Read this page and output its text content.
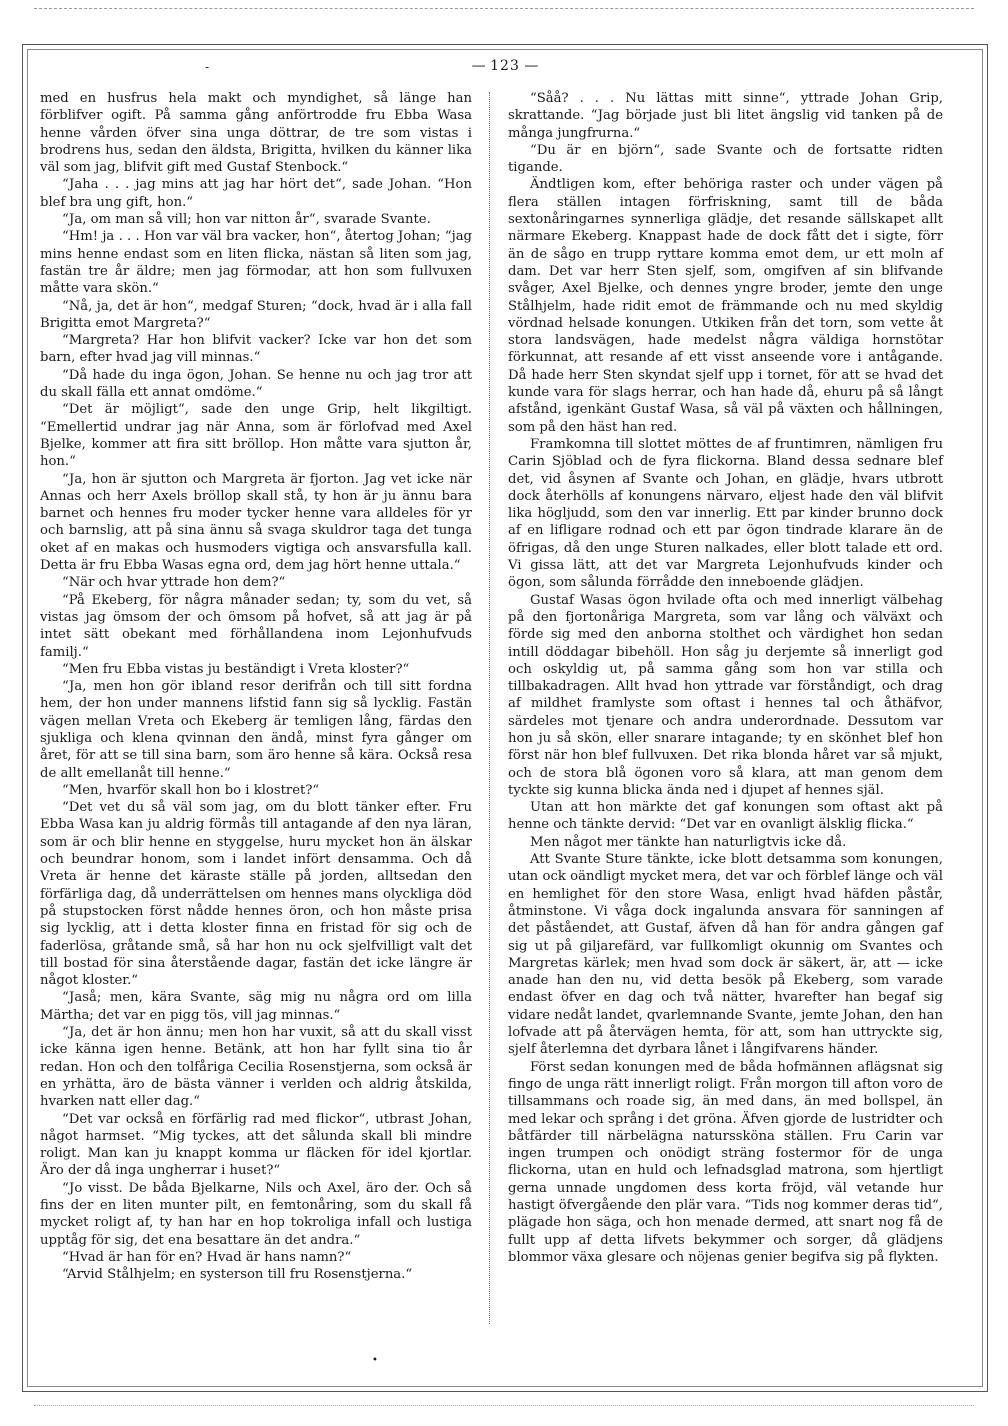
-	— 123 —

med en husfrus hela makt och myndighet, så länge han förblifver ogift. På samma gång anförtrodde fru Ebba Wasa henne vården öfver sina unga döttrar, de tre som vistas i brodrens hus, sedan den äldsta, Brigitta, hvilken du känner lika väl som jag, blifvit gift med Gustaf Stenbock.“

“Jaha . . . jag mins att jag har hört det“, sade Johan. “Hon blef bra ung gift, hon.“

“Ja, om man så vill; hon var nitton år“, svarade Svante.

“Hm! ja . . . Hon var väl bra vacker, hon“, återtog Johan; “jag mins henne endast som en liten flicka, nästan så liten som jag, fastän tre år äldre; men jag förmodar, att hon som fullvuxen måtte vara skön.“

“Nå, ja, det är hon“, medgaf Sturen; “dock, hvad är i alla fall Brigitta emot Margreta?“

“Margreta? Har hon blifvit vacker? Icke var hon det som barn, efter hvad jag vill minnas.“

“Då hade du inga ögon, Johan. Se henne nu och jag tror att du skall fälla ett annat omdöme.“

“Det är möjligt“, sade den unge Grip, helt likgiltigt. “Emellertid undrar jag när Anna, som är förlofvad med Axel Bjelke, kommer att fira sitt bröllop. Hon måtte vara sjutton år, hon.“

“Ja, hon är sjutton och Margreta är fjorton. Jag vet icke när Annas och herr Axels bröllop skall stå, ty hon är ju ännu bara barnet och hennes fru moder tycker henne vara alldeles för yr och barnslig, att på sina ännu så svaga skuldror taga det tunga oket af en makas och husmoders vigtiga och ansvarsfulla kall. Detta är fru Ebba Wasas egna ord, dem jag hört henne uttala.“

“När och hvar yttrade hon dem?“

“På Ekeberg, för några månader sedan; ty, som du vet, så vistas jag ömsom der och ömsom på hofvet, så att jag är på intet sätt obekant med förhållandena inom Lejonhufvuds familj.“

“Men fru Ebba vistas ju beständigt i Vreta kloster?“

“Ja, men hon gör ibland resor derifrån och till sitt fordna hem, der hon under mannens lifstid fann sig så lycklig. Fastän vägen mellan Vreta och Ekeberg är temligen lång, färdas den sjukliga och klena qvinnan den ändå, minst fyra gånger om året, för att se till sina barn, som äro henne så kära. Också resa de allt emellanåt till henne.“

“Men, hvarför skall hon bo i klostret?“

“Det vet du så väl som jag, om du blott tänker efter. Fru Ebba Wasa kan ju aldrig förmås till antagande af den nya läran, som är och blir henne en styggelse, huru mycket hon än älskar och beundrar honom, som i landet infört densamma. Och då Vreta är henne det käraste ställe på jorden, alltsedan den förfärliga dag, då underrättelsen om hennes mans olyckliga död på stupstocken först nådde hennes öron, och hon måste prisa sig lycklig, att i detta kloster finna en fristad för sig och de faderlösa, gråtande små, så har hon nu ock sjelfvilligt valt det till bostad för sina återstående dagar, fastän det icke längre är något kloster.“

“Jaså; men, kära Svante, säg mig nu några ord om lilla Märtha; det var en pigg tös, vill jag minnas.“

“Ja, det är hon ännu; men hon har vuxit, så att du skall visst icke känna igen henne. Betänk, att hon har fyllt sina tio år redan. Hon och den tolfåriga Cecilia Rosenstjerna, som också är en yrhätta, äro de bästa vänner i verlden och aldrig åtskilda, hvarken natt eller dag.“

“Det var också en förfärlig rad med flickor“, utbrast Johan, något harmset. “Mig tyckes, att det sålunda skall bli mindre roligt. Man kan ju knappt komma ur fläcken för idel kjortlar. Äro der då inga ungherrar i huset?“

“Jo visst. De båda Bjelkarne, Nils och Axel, äro der. Och så fins der en liten munter pilt, en femtonåring, som du skall få mycket roligt af, ty han har en hop tokroliga infall och lustiga upptåg för sig, det ena besattare än det andra.“

“Hvad är han för en? Hvad är hans namn?“

“Arvid Stålhjelm; en systerson till fru Rosenstjerna.“

“Såå? . . . Nu lättas mitt sinne“, yttrade Johan Grip, skrattande. “Jag började just bli litet ängslig vid tanken på de många jungfrurna.“

“Du är en björn“, sade Svante och de fortsatte ridten tigande.

Ändtligen kom, efter behöriga raster och under vägen på flera ställen intagen förfriskning, samt till de båda sextonåringarnes synnerliga glädje, det resande sällskapet allt närmare Ekeberg. Knappast hade de dock fått det i sigte, förr än de sågo en trupp ryttare komma emot dem, ur ett moln af dam. Det var herr Sten sjelf, som, omgifven af sin blifvande svåger, Axel Bjelke, och dennes yngre broder, jemte den unge Stålhjelm, hade ridit emot de främmande och nu med skyldig vördnad helsade konungen. Utkiken från det torn, som vette åt stora landsvägen, hade medelst några väldiga hornstötar förkunnat, att resande af ett visst anseende vore i antågande. Då hade herr Sten skyndat sjelf upp i tornet, för att se hvad det kunde vara för slags herrar, och han hade då, ehuru på så långt afstånd, igenkänt Gustaf Wasa, så väl på växten och hållningen, som på den häst han red.

Framkomna till slottet möttes de af fruntimren, nämligen fru Carin Sjöblad och de fyra flickorna. Bland dessa sednare blef det, vid åsynen af Svante och Johan, en glädje, hvars utbrott dock återhölls af konungens närvaro, eljest hade den väl blifvit lika högljudd, som den var innerlig. Ett par kinder brunno dock af en lifligare rodnad och ett par ögon tindrade klarare än de öfrigas, då den unge Sturen nalkades, eller blott talade ett ord. Vi gissa lätt, att det var Margreta Lejonhufvuds kinder och ögon, som sålunda förrådde den inneboende glädjen.

Gustaf Wasas ögon hvilade ofta och med innerligt välbehag på den fjortonåriga Margreta, som var lång och välväxt och förde sig med den anborna stolthet och värdighet hon sedan intill döddagar bibehöll. Hon såg ju derjemte så innerligt god och oskyldig ut, på samma gång som hon var stilla och tillbakadragen. Allt hvad hon yttrade var förståndigt, och drag af mildhet framlyste som oftast i hennes tal och åthäfvor, särdeles mot tjenare och andra underordnade. Dessutom var hon ju så skön, eller snarare intagande; ty en skönhet blef hon först när hon blef fullvuxen. Det rika blonda håret var så mjukt, och de stora blå ögonen voro så klara, att man genom dem tyckte sig kunna blicka ända ned i djupet af hennes själ.

Utan att hon märkte det gaf konungen som oftast akt på henne och tänkte dervid: “Det var en ovanligt älsklig flicka.“

Men något mer tänkte han naturligtvis icke då.

Att Svante Sture tänkte, icke blott detsamma som konungen, utan ock oändligt mycket mera, det var och förblef länge och väl en hemlighet för den store Wasa, enligt hvad häfden påstår, åtminstone. Vi våga dock ingalunda ansvara för sanningen af det påståendet, att Gustaf, äfven då han för andra gången gaf sig ut på giljarefärd, var fullkomligt okunnig om Svantes och Margretas kärlek; men hvad som dock är säkert, är, att — icke anade han den nu, vid detta besök på Ekeberg, som varade endast öfver en dag och två nätter, hvarefter han begaf sig vidare nedåt landet, qvarlemnande Svante, jemte Johan, den han lofvade att på återvägen hemta, för att, som han uttryckte sig, sjelf återlemna det dyrbara lånet i långifvarens händer.

Först sedan konungen med de båda hofmännen aflägsnat sig fingo de unga rätt innerligt roligt. Från morgon till afton voro de tillsammans och roade sig, än med dans, än med bollspel, än med lekar och språng i det gröna. Äfven gjorde de lustridter och båtfärder till närbelägna naturssköna ställen. Fru Carin var ingen trumpen och onödigt sträng fostermor för de unga flickorna, utan en huld och lefnadsglad matrona, som hjertligt gerna unnade ungdomen dess korta fröjd, väl vetande hur hastigt öfvergående den plär vara. “Tids nog kommer deras tid“, plägade hon säga, och hon menade dermed, att snart nog få de fullt upp af detta lifvets bekymmer och sorger, då glädjens blommor växa glesare och nöjenas genier begifva sig på flykten.

•
